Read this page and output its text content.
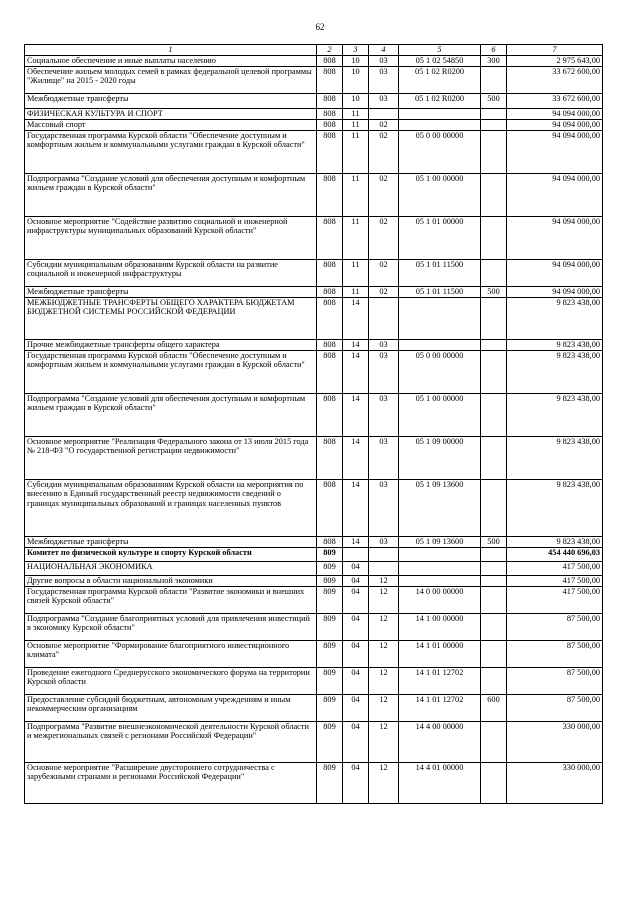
62
1	2	3	4	5	6	7
Социальное обеспечение и иные выплаты населению	808	10	03	05 1 02 54850	300	2 975 643,00
Обеспечение жильем молодых семей в рамках федеральной целевой программы "Жилище" на 2015 - 2020 годы	808	10	03	05 1 02 R0200		33 672 600,00
Межбюджетные трансферты	808	10	03	05 1 02 R0200	500	33 672 600,00
ФИЗИЧЕСКАЯ КУЛЬТУРА И СПОРТ	808	11				94 094 000,00
Массовый спорт	808	11	02			94 094 000,00
Государственная программа Курской области "Обеспечение доступным и комфортным жильем и коммунальными услугами граждан в Курской области"	808	11	02	05 0 00 00000		94 094 000,00
Подпрограмма "Создание условий для обеспечения доступным и комфортным жильем граждан в Курской области"	808	11	02	05 1 00 00000		94 094 000,00
Основное мероприятие "Содействие развитию социальной и инженерной инфраструктуры муниципальных образований Курской области"	808	11	02	05 1 01 00000		94 094 000,00
Субсидии муниципальным образованиям Курской области на развитие социальной и инженерной инфраструктуры	808	11	02	05 1 01 11500		94 094 000,00
Межбюджетные трансферты	808	11	02	05 1 01 11500	500	94 094 000,00
МЕЖБЮДЖЕТНЫЕ ТРАНСФЕРТЫ ОБЩЕГО ХАРАКТЕРА БЮДЖЕТАМ БЮДЖЕТНОЙ СИСТЕМЫ РОССИЙСКОЙ ФЕДЕРАЦИИ	808	14				9 823 438,00
Прочие межбюджетные трансферты общего характера	808	14	03			9 823 438,00
Государственная программа Курской области "Обеспечение доступным и комфортным жильем и коммунальными услугами граждан в Курской области"	808	14	03	05 0 00 00000		9 823 438,00
Подпрограмма "Создание условий для обеспечения доступным и комфортным жильем граждан в Курской области"	808	14	03	05 1 00 00000		9 823 438,00
Основное мероприятие "Реализация Федерального закона от 13 июля 2015 года № 218-ФЗ "О государственной регистрации недвижимости"	808	14	03	05 1 09 00000		9 823 438,00
Субсидии муниципальным образованиям Курской области на мероприятия по внесению в Единый государственный реестр недвижимости сведений о границах муниципальных образований и границах населенных пунктов	808	14	03	05 1 09 13600		9 823 438,00
Межбюджетные трансферты	808	14	03	05 1 09 13600	500	9 823 438,00
Комитет по физической культуре и спорту Курской области	809					454 440 696,03
НАЦИОНАЛЬНАЯ ЭКОНОМИКА	809	04				417 500,00
Другие вопросы в области национальной экономики	809	04	12			417 500,00
Государственная программа Курской области "Развитие экономики и внешних связей Курской области"	809	04	12	14 0 00 00000		417 500,00
Подпрограмма "Создание благоприятных условий для привлечения инвестиций в экономику Курской области"	809	04	12	14 1 00 00000		87 500,00
Основное мероприятие "Формирование благоприятного инвестиционного климата"	809	04	12	14 1 01 00000		87 500,00
Проведение ежегодного Среднерусского экономического форума на территории Курской области	809	04	12	14 1 01 12702		87 500,00
Предоставление субсидий бюджетным, автономным учреждениям и иным некоммерческим организациям	809	04	12	14 1 01 12702	600	87 500,00
Подпрограмма "Развитие внешнеэкономической деятельности Курской области и межрегиональных связей с регионами Российской Федерации"	809	04	12	14 4 00 00000		330 000,00
Основное мероприятие "Расширение двустороннего сотрудничества с зарубежными странами и регионами Российской Федерации"	809	04	12	14 4 01 00000		330 000,00
